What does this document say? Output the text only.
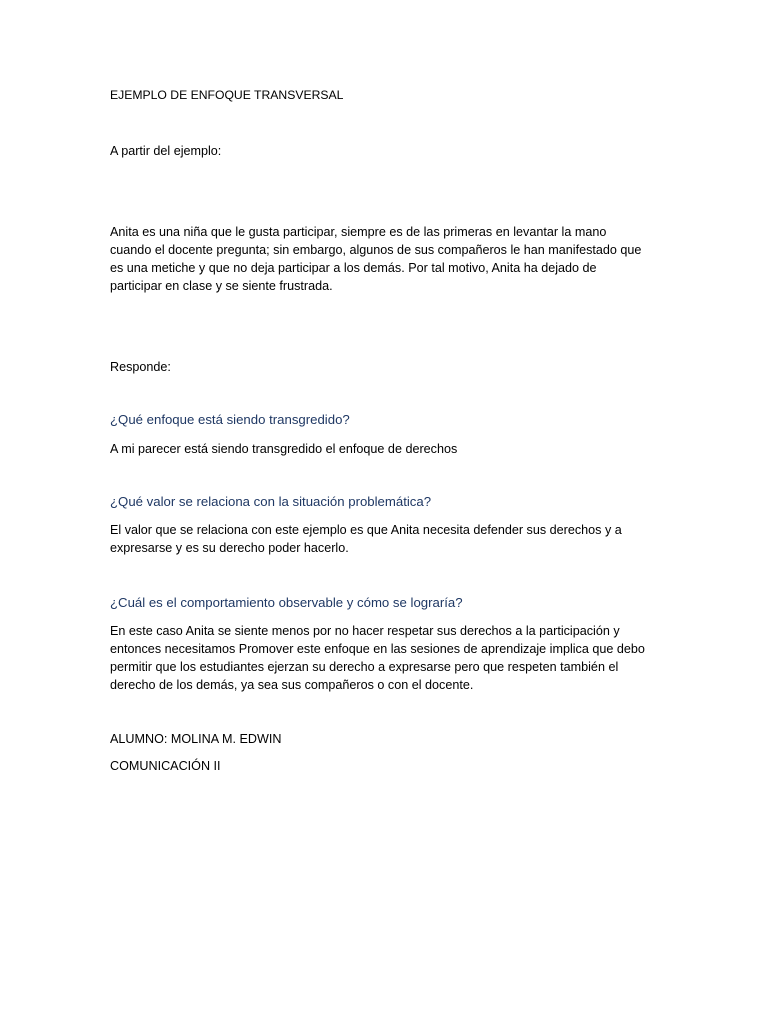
EJEMPLO DE ENFOQUE TRANSVERSAL
A partir del ejemplo:
Anita es una niña que le gusta participar, siempre es de las primeras en levantar la mano
cuando el docente pregunta; sin embargo, algunos de sus compañeros le han manifestado que
es una metiche y que no deja participar a los demás. Por tal motivo, Anita ha dejado de
participar en clase y se siente frustrada.
Responde:
¿Qué enfoque está siendo transgredido?
A mi parecer está siendo transgredido el enfoque de derechos
¿Qué valor se relaciona con la situación problemática?
El valor que se relaciona con este ejemplo es que Anita necesita defender sus derechos y a
expresarse y es su derecho poder hacerlo.
¿Cuál es el comportamiento observable y cómo se lograría?
En este caso Anita se siente menos por no hacer respetar sus derechos a la participación y
entonces necesitamos Promover este enfoque en las sesiones de aprendizaje implica que debo
permitir que los estudiantes ejerzan su derecho a expresarse pero que respeten también el
derecho de los demás, ya sea sus compañeros o con el docente.
ALUMNO: MOLINA M. EDWIN
COMUNICACIÓN II
